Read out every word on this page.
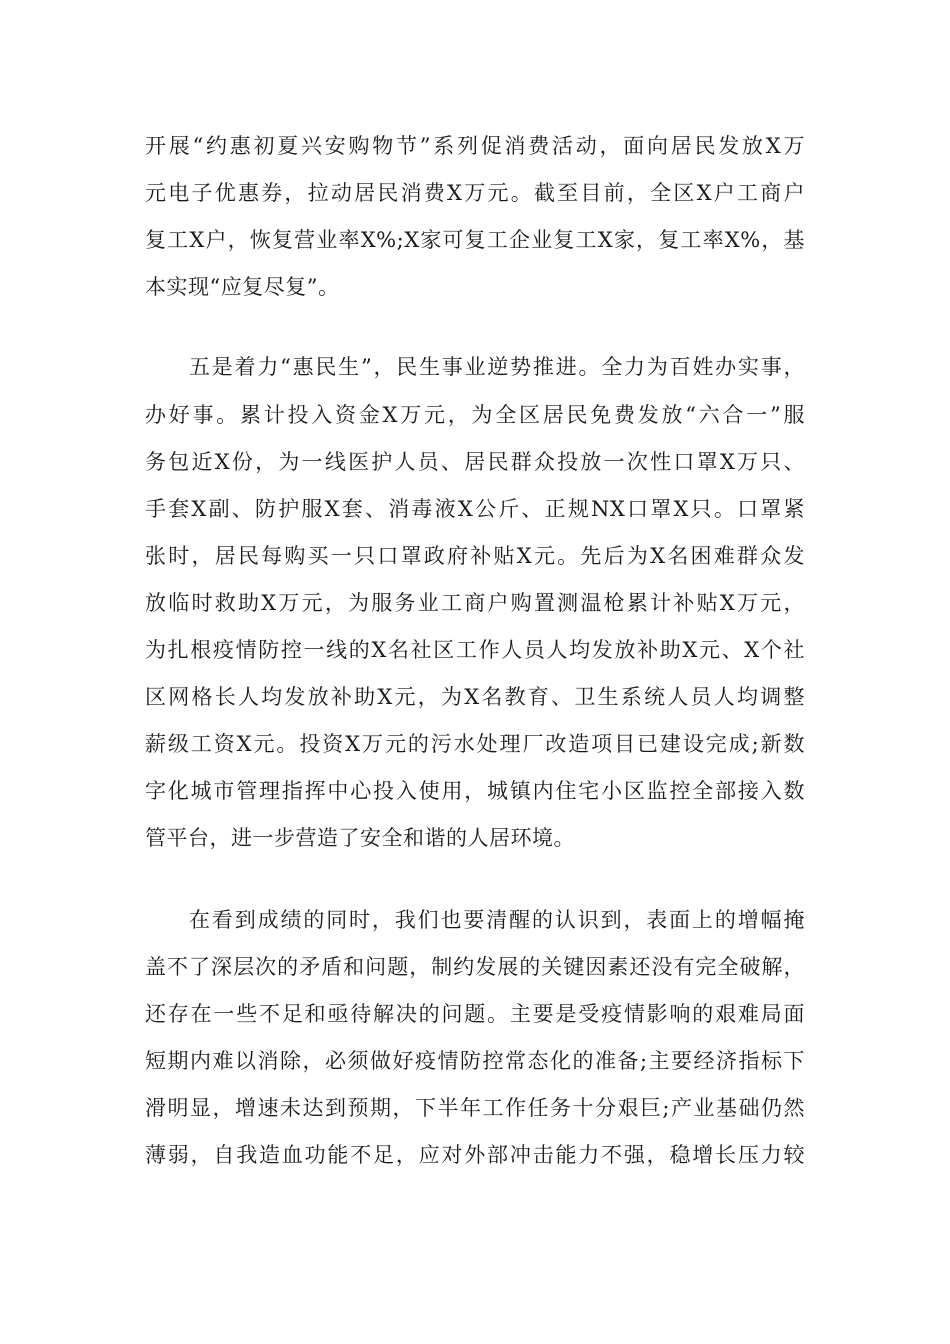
开展“约惠初夏兴安购物节”系列促消费活动，面向居民发放X万
元电子优惠券，拉动居民消费X万元。截至目前，全区X户工商户
复工X户，恢复营业率X%;X家可复工企业复工X家，复工率X%，基
本实现“应复尽复”。
五是着力“惠民生”，民生事业逆势推进。全力为百姓办实事，
办好事。累计投入资金X万元，为全区居民免费发放“六合一”服
务包近X份，为一线医护人员、居民群众投放一次性口罩X万只、
手套X副、防护服X套、消毒液X公斤、正规NX口罩X只。口罩紧
张时，居民每购买一只口罩政府补贴X元。先后为X名困难群众发
放临时救助X万元，为服务业工商户购置测温枪累计补贴X万元，
为扎根疫情防控一线的X名社区工作人员人均发放补助X元、X个社
区网格长人均发放补助X元，为X名教育、卫生系统人员人均调整
薪级工资X元。投资X万元的污水处理厂改造项目已建设完成;新数
字化城市管理指挥中心投入使用，城镇内住宅小区监控全部接入数
管平台，进一步营造了安全和谐的人居环境。
在看到成绩的同时，我们也要清醒的认识到，表面上的增幅掩
盖不了深层次的矛盾和问题，制约发展的关键因素还没有完全破解，
还存在一些不足和亟待解决的问题。主要是受疫情影响的艰难局面
短期内难以消除，必须做好疫情防控常态化的准备;主要经济指标下
滑明显，增速未达到预期，下半年工作任务十分艰巨;产业基础仍然
薄弱，自我造血功能不足，应对外部冲击能力不强，稳增长压力较
